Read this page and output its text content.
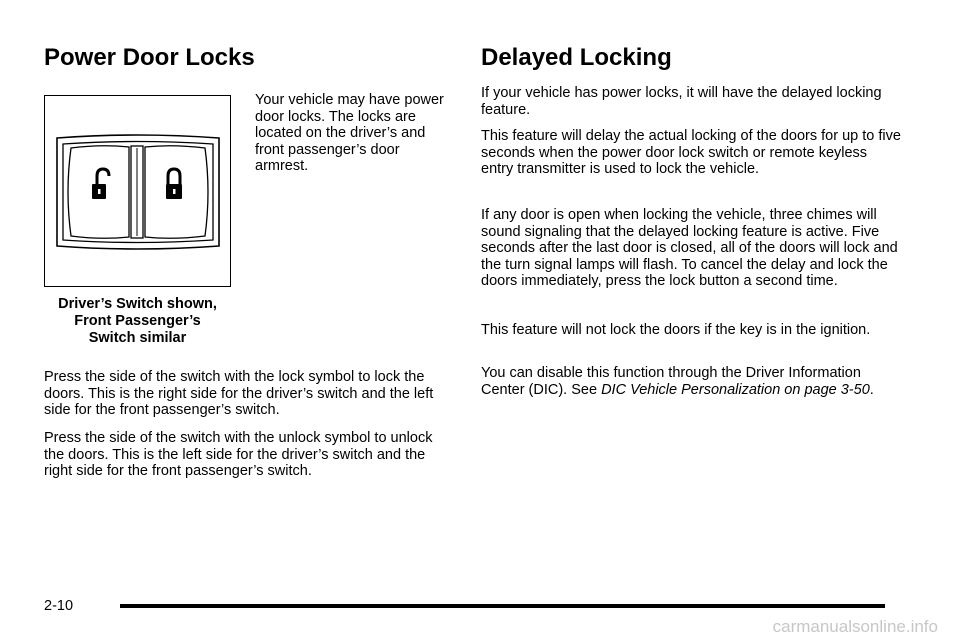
Power Door Locks
Driver’s Switch shown,
Front Passenger’s
Switch similar

Your vehicle may have power door locks. The locks are located on the driver’s and front passenger’s door armrest.

Press the side of the switch with the lock symbol to lock the doors. This is the right side for the driver’s switch and the left side for the front passenger’s switch.

Press the side of the switch with the unlock symbol to unlock the doors. This is the left side for the driver’s switch and the right side for the front passenger’s switch.

Delayed Locking

If your vehicle has power locks, it will have the delayed locking feature.

This feature will delay the actual locking of the doors for up to five seconds when the power door lock switch or remote keyless entry transmitter is used to lock the vehicle.

If any door is open when locking the vehicle, three chimes will sound signaling that the delayed locking feature is active. Five seconds after the last door is closed, all of the doors will lock and the turn signal lamps will flash. To cancel the delay and lock the doors immediately, press the lock button a second time.

This feature will not lock the doors if the key is in the ignition.

You can disable this function through the Driver Information Center (DIC). See DIC Vehicle Personalization on page 3-50.

2-10
carmanualsonline.info
